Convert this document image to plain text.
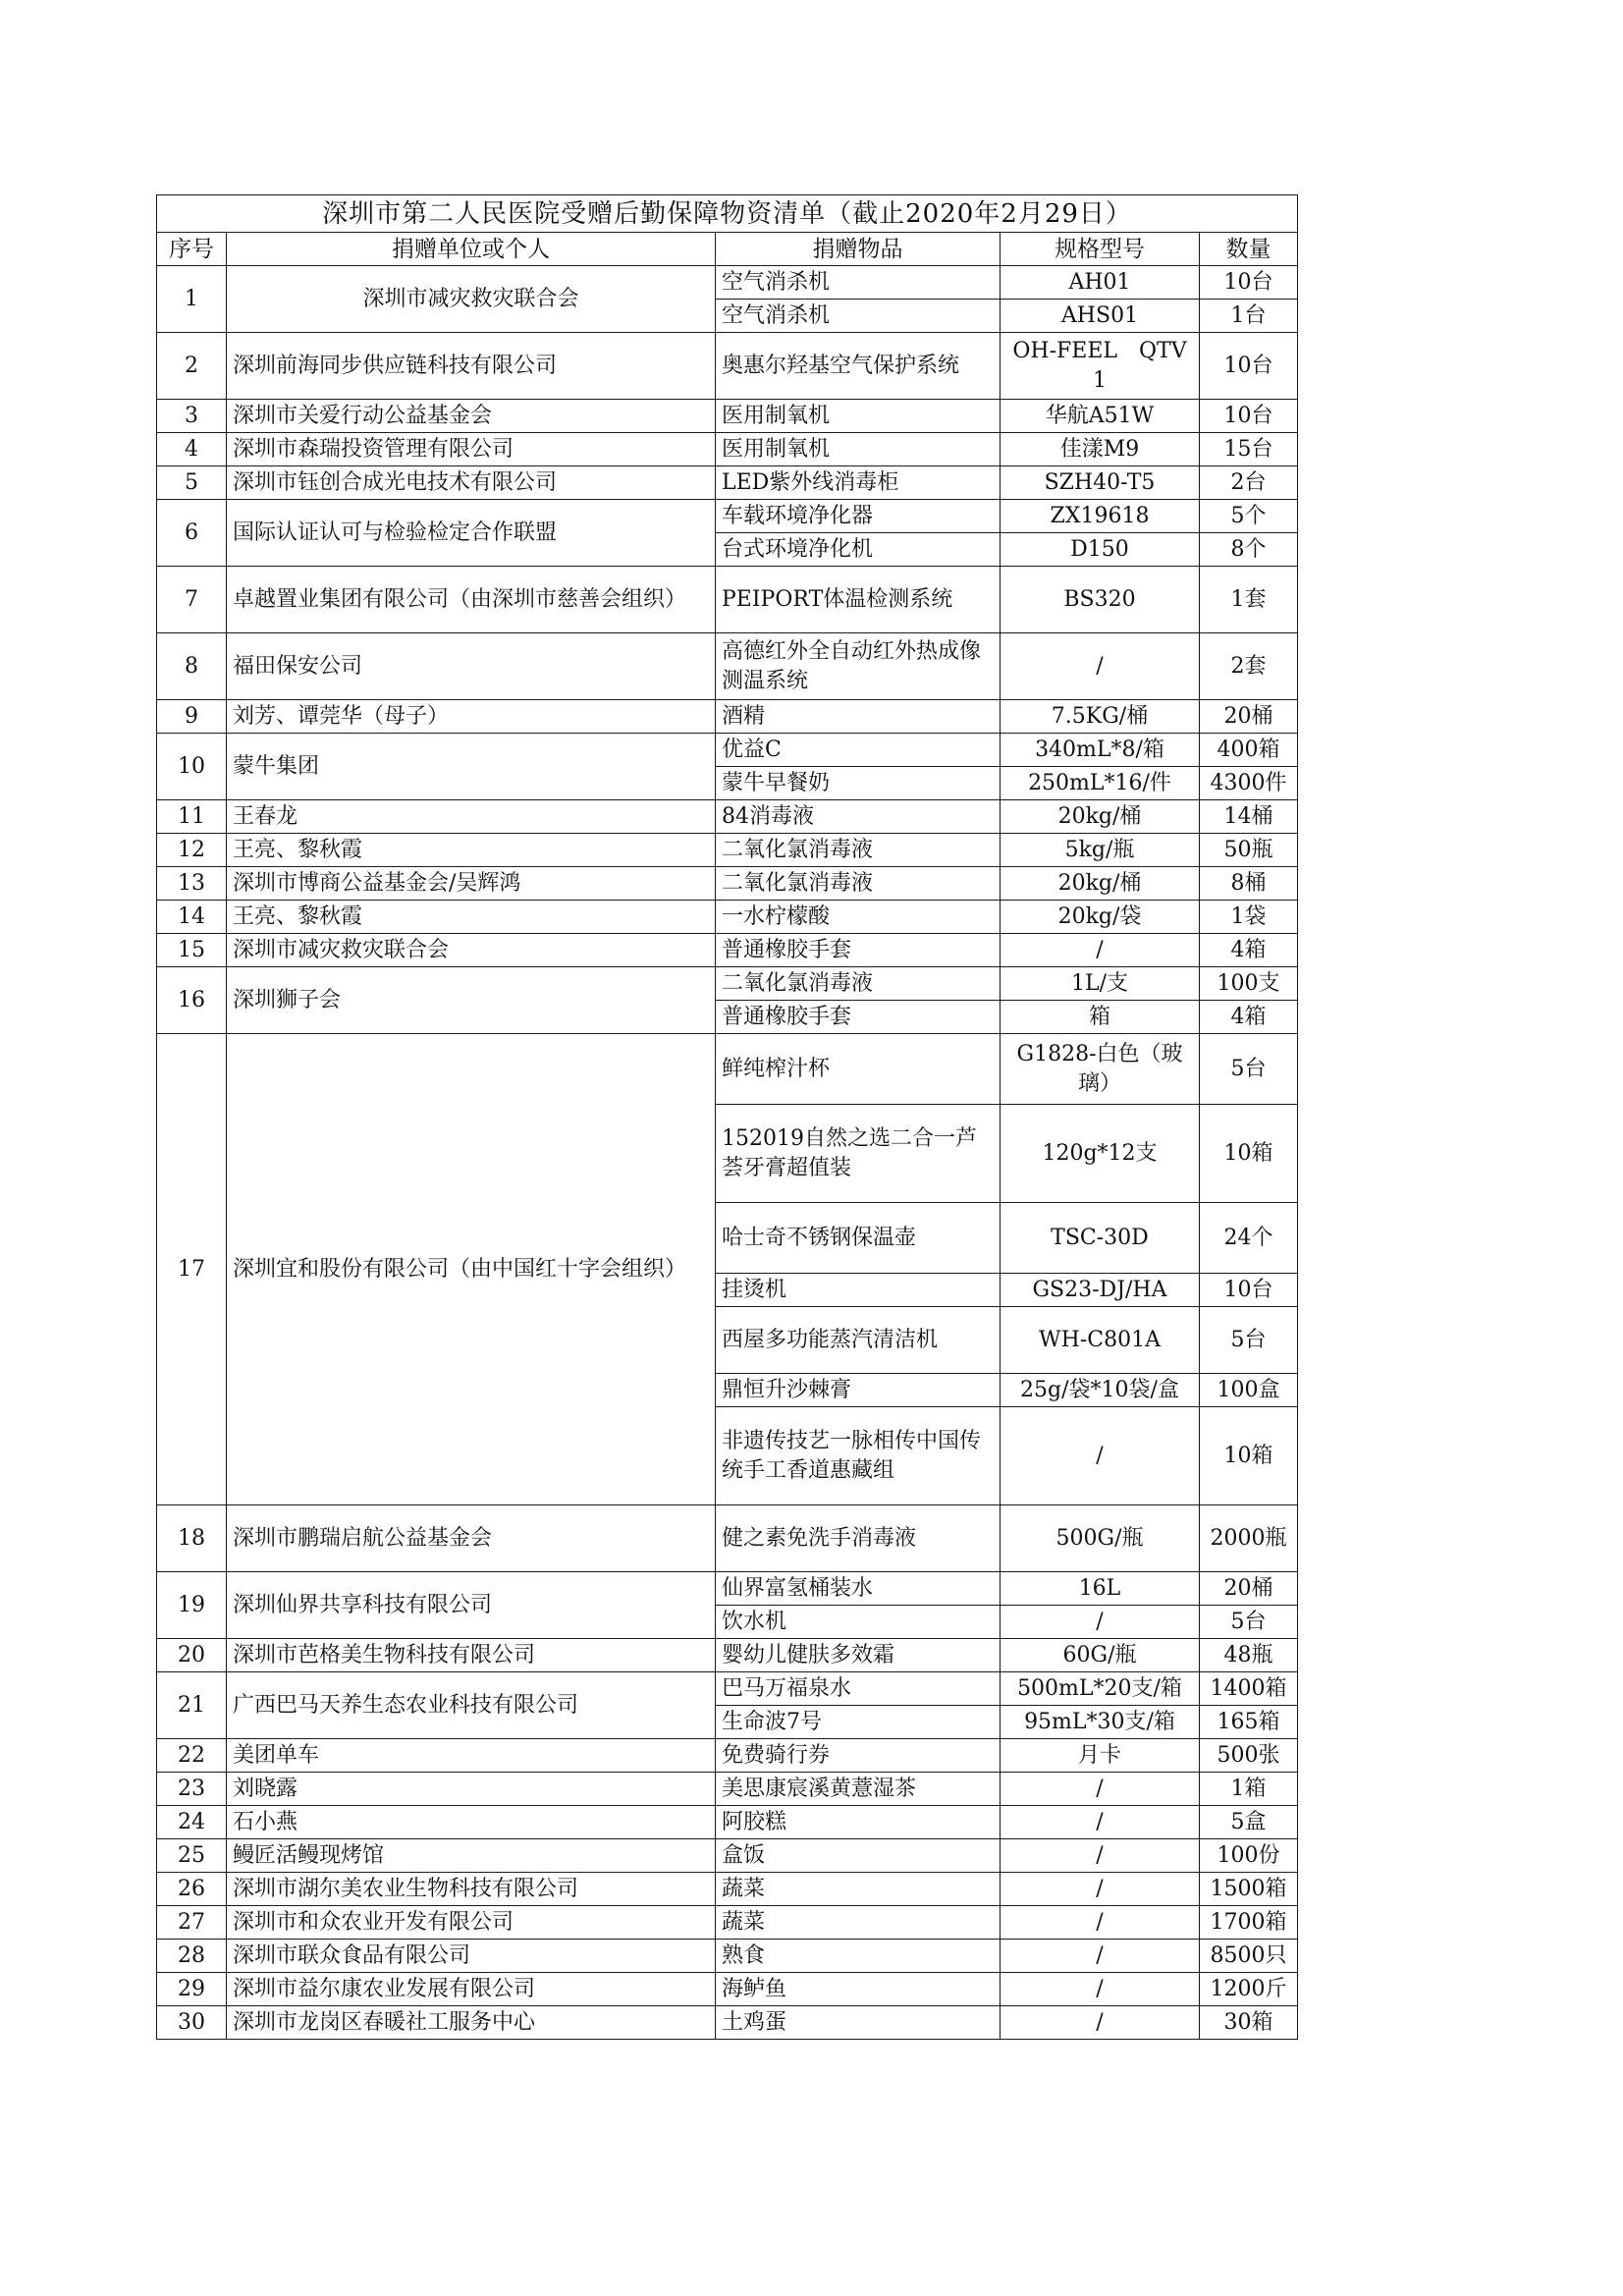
深圳市第二人民医院受赠后勤保障物资清单（截止2020年2月29日）				
序号	捐赠单位或个人	捐赠物品	规格型号	数量
1	深圳市减灾救灾联合会	空气消杀机	AH01	10台
		空气消杀机	AHS01	1台
2	深圳前海同步供应链科技有限公司	奥惠尔羟基空气保护系统	OH-FEEL　QTV1	10台
3	深圳市关爱行动公益基金会	医用制氧机	华航A51W	10台
4	深圳市森瑞投资管理有限公司	医用制氧机	佳漾M9	15台
5	深圳市钰创合成光电技术有限公司	LED紫外线消毒柜	SZH40-T5	2台
6	国际认证认可与检验检定合作联盟	车载环境净化器	ZX19618	5个
		台式环境净化机	D150	8个
7	卓越置业集团有限公司（由深圳市慈善会组织）	PEIPORT体温检测系统	BS320	1套
8	福田保安公司	高德红外全自动红外热成像测温系统	/	2套
9	刘芳、谭莞华（母子）	酒精	7.5KG/桶	20桶
10	蒙牛集团	优益C	340mL*8/箱	400箱
		蒙牛早餐奶	250mL*16/件	4300件
11	王春龙	84消毒液	20kg/桶	14桶
12	王亮、黎秋霞	二氧化氯消毒液	5kg/瓶	50瓶
13	深圳市博商公益基金会/吴辉鸿	二氧化氯消毒液	20kg/桶	8桶
14	王亮、黎秋霞	一水柠檬酸	20kg/袋	1袋
15	深圳市减灾救灾联合会	普通橡胶手套	/	4箱
16	深圳狮子会	二氧化氯消毒液	1L/支	100支
		普通橡胶手套	箱	4箱
17	深圳宜和股份有限公司（由中国红十字会组织）	鲜纯榨汁杯	G1828-白色（玻璃）	5台
		152019自然之选二合一芦荟牙膏超值装	120g*12支	10箱
		哈士奇不锈钢保温壶	TSC-30D	24个
		挂烫机	GS23-DJ/HA	10台
		西屋多功能蒸汽清洁机	WH-C801A	5台
		鼎恒升沙棘膏	25g/袋*10袋/盒	100盒
		非遗传技艺一脉相传中国传统手工香道惠藏组	/	10箱
18	深圳市鹏瑞启航公益基金会	健之素免洗手消毒液	500G/瓶	2000瓶
19	深圳仙界共享科技有限公司	仙界富氢桶装水	16L	20桶
		饮水机	/	5台
20	深圳市芭格美生物科技有限公司	婴幼儿健肤多效霜	60G/瓶	48瓶
21	广西巴马天养生态农业科技有限公司	巴马万福泉水	500mL*20支/箱	1400箱
		生命波7号	95mL*30支/箱	165箱
22	美团单车	免费骑行券	月卡	500张
23	刘晓露	美思康宸溪黄薏湿茶	/	1箱
24	石小燕	阿胶糕	/	5盒
25	鳗匠活鳗现烤馆	盒饭	/	100份
26	深圳市湖尔美农业生物科技有限公司	蔬菜	/	1500箱
27	深圳市和众农业开发有限公司	蔬菜	/	1700箱
28	深圳市联众食品有限公司	熟食	/	8500只
29	深圳市益尔康农业发展有限公司	海鲈鱼	/	1200斤
30	深圳市龙岗区春暖社工服务中心	土鸡蛋	/	30箱
